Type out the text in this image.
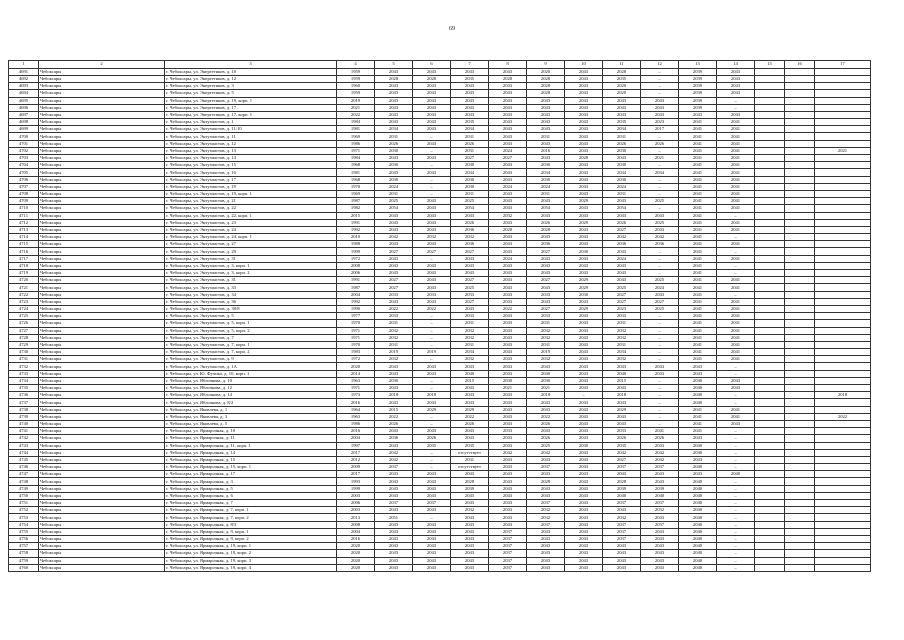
69
1	2	3	4	5	6	7	8	9	10	11	12	13	14	15	16	17
4691	Чебоксары	г. Чебоксары, ул. Энергетиков, д. 10	1959	2043	2043	2043	2043	2020	2043	2028	–	2039	2043			
4692	Чебоксары	г. Чебоксары, ул. Энергетиков, д. 12	1959	2028	2028	2035	2028	2028	2043	2035	–	2039	2043			
4693	Чебоксары	г. Чебоксары, ул. Энергетиков, д. 3	1960	2043	2043	2043	2043	2028	2043	2020	–	2039	2043			
4694	Чебоксары	г. Чебоксары, ул. Энергетиков, д. 5	1959	2043	2043	2043	2043	2028	2043	2020	–	2039	2043			
4695	Чебоксары	г. Чебоксары, ул. Энергетиков, д. 19, корп. 1	2019	2043	2043	2043	2043	2043	2043	2043	2043	2039	–			
4696	Чебоксары	г. Чебоксары, ул. Энергетиков, д. 17	2021	2043	2043	2043	2043	2043	2043	2043	2043	2039	–			
4697	Чебоксары	г. Чебоксары, ул. Энергетиков, д. 17, корп. 1	2022	2043	2043	2043	2043	2043	2043	2043	2043	2043	2043			
4698	Чебоксары	г. Чебоксары, ул. Энтузиастов, д. 1	1984	2043	2043	2035	2043	2043	2043	2035	2023	2041	2041			
4699	Чебоксары	г. Чебоксары, ул. Энтузиастов, д. 11/10	1981	2034	2043	2034	2043	2043	2043	2034	2017	2041	2041			
4700	Чебоксары	г. Чебоксары, ул. Энтузиастов, д. 11	1969	2031	–	2031	2043	2031	2043	2031	–	2041	2041			
4701	Чебоксары	г. Чебоксары, ул. Энтузиастов, д. 12	1986	2026	2043	2026	2043	2043	2043	2026	2026	2041	2041			
4702	Чебоксары	г. Чебоксары, ул. Энтузиастов, д. 13	1971	2030	–	2031	2024	2016	2043	2030	–	2041	2041			2021
4703	Чебоксары	г. Чебоксары, ул. Энтузиастов, д. 14	1984	2043	2043	2027	2027	2043	2028	2043	2021	2041	2041			
4704	Чебоксары	г. Чебоксары, ул. Энтузиастов, д. 15	1968	2030	–	2030	2043	2030	2043	2030	–	2041	2041			
4705	Чебоксары	г. Чебоксары, ул. Энтузиастов, д. 16	1981	2043	2043	2034	2043	2034	2043	2034	2034	2041	2041			
4706	Чебоксары	г. Чебоксары, ул. Энтузиастов, д. 17	1968	2030	–	2030	2043	2030	2043	2030	–	2041	2041			
4707	Чебоксары	г. Чебоксары, ул. Энтузиастов, д. 19	1970	2024	–	2030	2024	2024	2043	2024	–	2041	2041			
4708	Чебоксары	г. Чебоксары, ул. Энтузиастов, д. 19, корп. 1	1969	2031	–	2031	2043	2031	2043	2031	–	2041	2041			
4709	Чебоксары	г. Чебоксары, ул. Энтузиастов, д. 21	1987	2025	2043	2025	2043	2043	2029	2043	2025	2041	2041			
4710	Чебоксары	г. Чебоксары, ул. Энтузиастов, д. 22	1982	2054	2043	2054	2043	2054	2043	2054	–	2041	2041			
4711	Чебоксары	г. Чебоксары, ул. Энтузиастов, д. 22, корп. 1	2015	2043	2043	2043	2032	2043	2043	2043	2043	2041	–			
4712	Чебоксары	г. Чебоксары, ул. Энтузиастов, д. 23	1991	2043	2043	2026	2043	2026	2029	2026	2025	2041	2041			
4713	Чебоксары	г. Чебоксары, ул. Энтузиастов, д. 24	1992	2043	2043	2036	2028	2028	2043	2027	2043	2041	2041			
4714	Чебоксары	г. Чебоксары, ул. Энтузиастов, д. 24, корп. 1	2010	2042	2032	2032	2043	2043	2043	2042	2042	2041	–			
4715	Чебоксары	г. Чебоксары, ул. Энтузиастов, д. 27	1988	2043	2043	2036	2043	2036	2043	2036	2036	2041	2041			
4716	Чебоксары	г. Чебоксары, ул. Энтузиастов, д. 29	1999	2027	2027	2027	2043	2027	2030	2043	–	2041	–			
4717	Чебоксары	г. Чебоксары, ул. Энтузиастов, д. 31	1972	2043	–	2043	2024	2043	2043	2024	–	2041	2041			
4718	Чебоксары	г. Чебоксары, ул. Энтузиастов, д. 3, корп. 1	2008	2043	2043	2043	2043	2043	2043	2043	–	2041	–			
4719	Чебоксары	г. Чебоксары, ул. Энтузиастов, д. 3, корп. 2	2006	2043	2043	2043	2043	2043	2043	2043	–	2041	–			
4720	Чебоксары	г. Чебоксары, ул. Энтузиастов, д. 31	1991	2027	2043	2027	2043	2027	2029	2043	2025	2041	2041			
4721	Чебоксары	г. Чебоксары, ул. Энтузиастов, д. 33	1987	2027	2043	2025	2043	2043	2029	2025	2024	2041	2041			
4722	Чебоксары	г. Чебоксары, ул. Энтузиастов, д. 34	2004	2033	2033	2033	2043	2033	2030	2027	2043	2041	–			
4723	Чебоксары	г. Чебоксары, ул. Энтузиастов, д. 36	1992	2043	2043	2027	2043	2043	2043	2027	2027	2041	2041			
4724	Чебоксары	г. Чебоксары, ул. Энтузиастов, д. 38/8	1990	2022	2022	2043	2022	2027	2029	2023	2025	2041	2041			
4725	Чебоксары	г. Чебоксары, ул. Энтузиастов, д. 5	1977	2033	–	2033	2043	2033	2043	2033	–	2041	2041			
4726	Чебоксары	г. Чебоксары, ул. Энтузиастов, д. 5, корп. 1	1970	2031	–	2031	2043	2031	2043	2031	–	2041	2041			
4727	Чебоксары	г. Чебоксары, ул. Энтузиастов, д. 5, корп. 2	1971	2032	–	2032	2043	2032	2043	2032	–	2041	2041			
4728	Чебоксары	г. Чебоксары, ул. Энтузиастов, д. 7	1971	2032	–	2032	2043	2032	2043	2032	–	2041	2041			
4729	Чебоксары	г. Чебоксары, ул. Энтузиастов, д. 7, корп. 1	1970	2031	–	2031	2043	2031	2043	2031	–	2041	2041			
4730	Чебоксары	г. Чебоксары, ул. Энтузиастов, д. 7, корп. 2	1983	2019	2019	2034	2043	2019	2043	2034	–	2041	2041			
4731	Чебоксары	г. Чебоксары, ул. Энтузиастов, д. 9	1972	2032	–	2032	2043	2032	2043	2032	–	2041	2041			
4732	Чебоксары	г. Чебоксары, ул. Энтузиастов, д. 1А	2020	2043	2043	2043	2043	2043	2043	2043	2043	2043	–			
4733	Чебоксары	г. Чебоксары, ул. Ю. Фучика, д. 10, корп. 1	2014	2043	2043	2040	2043	2040	2043	2040	2043	2043	–			
4734	Чебоксары	г. Чебоксары, ул. Яблочкова, д. 10	1963	2030	–	2015	2030	2030	2043	2015	–	2040	2043			
4735	Чебоксары	г. Чебоксары, ул. Яблочкова, д. 12	1971	2043	–	2043	2021	2021	2043	2043	–	2040	2043			
4736	Чебоксары	г. Чебоксары, ул. Яблочкова, д. 14	1973	2018	2018	2043	2043	2018	–	2018	–	2040	–			2018
4737	Чебоксары	г. Чебоксары, ул. Яблочкова, д. 8/2	2016	2043	2043	2043	2043	2043	2043	2043	–	2040	–			
4738	Чебоксары	г. Чебоксары, ул. Яковлева, д. 1	1964	2015	2029	2029	2043	2043	2043	2029	–	2041	2041			
4739	Чебоксары	г. Чебоксары, ул. Яковлева, д. 3	1963	2022	–	2022	2043	2022	2043	2043	–	2041	2041			2022
4740	Чебоксары	г. Чебоксары, ул. Яковлева, д. 5	1986	2026	–	2026	2043	2026	2043	2043	–	2041	2043			
4741	Чебоксары	г. Чебоксары, ул. Ярмарочная, д. 10	2016	2043	2043	2043	2033	2043	2043	2033	2041	2041	–			
4742	Чебоксары	г. Чебоксары, ул. Ярмарочная, д. 11	2004	2036	2026	2043	2043	2026	2043	2026	2026	2043	–			
4743	Чебоксары	г. Чебоксары, ул. Ярмарочная, д. 11, корп. 1	1997	2043	2035	2035	2043	2025	2030	2035	2043	2040	–			
4744	Чебоксары	г. Чебоксары, ул. Ярмарочная, д. 14	2017	2042	–	отсутствует	2042	2042	2043	2042	2042	2040	–			
4745	Чебоксары	г. Чебоксары, ул. Ярмарочная, д. 15	2012	2042	–	2031	2043	2043	2043	2027	2042	2043	–			
4746	Чебоксары	г. Чебоксары, ул. Ярмарочная, д. 15, корп. 1	2009	2037	–	отсутствует	2043	2037	2043	2037	2037	2040	–			
4747	Чебоксары	г. Чебоксары, ул. Ярмарочная, д. 17	2017	2043	2043	2043	2043	2043	2043	2043	2043	2043	2040			
4748	Чебоксары	г. Чебоксары, ул. Ярмарочная, д. 3	1993	2043	2043	2028	2043	2028	2043	2028	2043	2040	–			
4749	Чебоксары	г. Чебоксары, ул. Ярмарочная, д. 5	1999	2043	2043	2039	2043	2043	2043	2039	2039	2040	–			
4750	Чебоксары	г. Чебоксары, ул. Ярмарочная, д. 6	2003	2043	2043	2043	2043	2043	2043	2040	2040	2040	–			
4751	Чебоксары	г. Чебоксары, ул. Ярмарочная, д. 7	2006	2037	2037	2043	2043	2037	2043	2037	2037	2040	–			
4752	Чебоксары	г. Чебоксары, ул. Ярмарочная, д. 7, корп. 1	2003	2043	2043	2032	2043	2032	2043	2043	2032	2040	–			
4753	Чебоксары	г. Чебоксары, ул. Ярмарочная, д. 7, корп. 2	2013	2051	–	2043	2043	2032	2043	2032	2043	2040	–			
4754	Чебоксары	г. Чебоксары, ул. Ярмарочная, д. 8/3	2008	2043	2043	2043	2043	2037	2043	2037	2037	2040	–			
4755	Чебоксары	г. Чебоксары, ул. Ярмарочная, д. 9, корп. 1	2004	2043	2043	2043	2037	2043	2043	2037	2043	2040	–			
4756	Чебоксары	г. Чебоксары, ул. Ярмарочная, д. 9, корп. 2	2016	2043	2043	2043	2037	2043	2043	2037	2043	2040	–			
4757	Чебоксары	г. Чебоксары, ул. Ярмарочная, д. 19, корп. 1	2020	2043	2043	2043	2037	2043	2043	2043	2043	2040	–			
4758	Чебоксары	г. Чебоксары, ул. Ярмарочная, д. 19, корп. 2	2020	2043	2043	2043	2037	2043	2043	2043	2043	2040	–			
4759	Чебоксары	г. Чебоксары, ул. Ярмарочная, д. 19, корп. 3	2020	2043	2043	2043	2037	2043	2043	2043	2043	2040	–			
4760	Чебоксары	г. Чебоксары, ул. Ярмарочная, д. 19, корп. 4	2020	2043	2043	2043	2037	2043	2043	2043	2043	2040	–			
